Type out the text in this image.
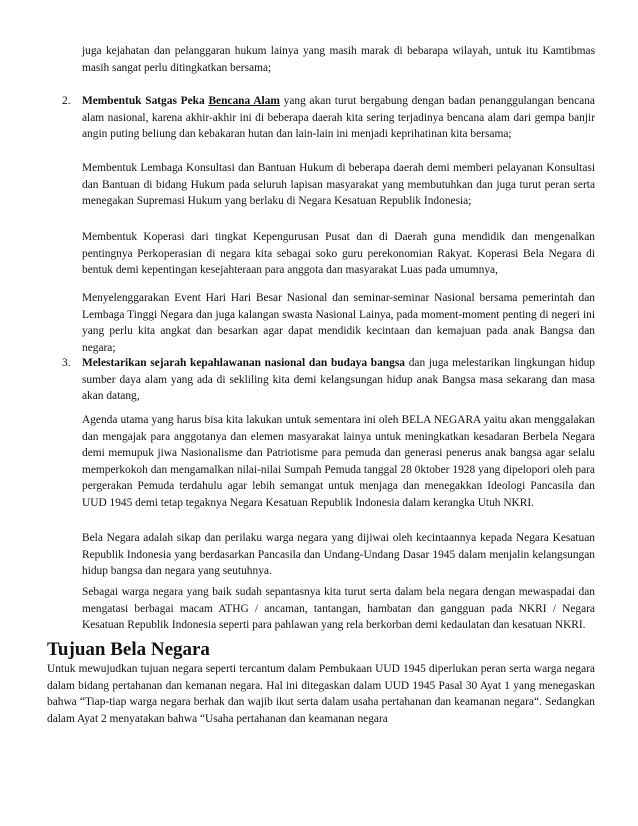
juga kejahatan dan pelanggaran hukum lainya yang masih marak di bebarapa wilayah, untuk itu Kamtibmas masih sangat perlu ditingkatkan bersama;

2. Membentuk Satgas Peka Bencana Alam yang akan turut bergabung dengan badan penanggulangan bencana alam nasional, karena akhir-akhir ini di beberapa daerah kita sering terjadinya bencana alam dari gempa banjir angin puting beliung dan kebakaran hutan dan lain-lain ini menjadi keprihatinan kita bersama;

Membentuk Lembaga Konsultasi dan Bantuan Hukum di beberapa daerah demi memberi pelayanan Konsultasi dan Bantuan di bidang Hukum pada seluruh lapisan masyarakat yang membutuhkan dan juga turut peran serta menegakan Supremasi Hukum yang berlaku di Negara Kesatuan Republik Indonesia;

Membentuk Koperasi dari tingkat Kepengurusan Pusat dan di Daerah guna mendidik dan mengenalkan pentingnya Perkoperasian di negara kita sebagai soko guru perekonomian Rakyat. Koperasi Bela Negara di bentuk demi kepentingan kesejahteraan para anggota dan masyarakat Luas pada umumnya,

Menyelenggarakan Event Hari Hari Besar Nasional dan seminar-seminar Nasional bersama pemerintah dan Lembaga Tinggi Negara dan juga kalangan swasta Nasional Lainya, pada moment-moment penting di negeri ini yang perlu kita angkat dan besarkan agar dapat mendidik kecintaan dan kemajuan pada anak Bangsa dan negara;

3. Melestarikan sejarah kepahlawanan nasional dan budaya bangsa dan juga melestarikan lingkungan hidup sumber daya alam yang ada di sekliling kita demi kelangsungan hidup anak Bangsa masa sekarang dan masa akan datang,

Agenda utama yang harus bisa kita lakukan untuk sementara ini oleh BELA NEGARA yaitu akan menggalakan dan mengajak para anggotanya dan elemen masyarakat lainya untuk meningkatkan kesadaran Berbela Negara demi memupuk jiwa Nasionalisme dan Patriotisme para pemuda dan generasi penerus anak bangsa agar selalu memperkokoh dan mengamalkan nilai-nilai Sumpah Pemuda tanggal 28 0ktober 1928 yang dipelopori oleh para pergerakan Pemuda terdahulu agar lebih semangat untuk menjaga dan menegakkan Ideologi Pancasila dan UUD 1945 demi tetap tegaknya Negara Kesatuan Republik Indonesia dalam kerangka Utuh NKRI.

Bela Negara adalah sikap dan perilaku warga negara yang dijiwai oleh kecintaannya kepada Negara Kesatuan Republik Indonesia yang berdasarkan Pancasila dan Undang-Undang Dasar 1945 dalam menjalin kelangsungan hidup bangsa dan negara yang seutuhnya.

Sebagai warga negara yang baik sudah sepantasnya kita turut serta dalam bela negara dengan mewaspadai dan mengatasi berbagai macam ATHG / ancaman, tantangan, hambatan dan gangguan pada NKRI / Negara Kesatuan Republik Indonesia seperti para pahlawan yang rela berkorban demi kedaulatan dan kesatuan NKRI.

Tujuan Bela Negara

Untuk mewujudkan tujuan negara seperti tercantum dalam Pembukaan UUD 1945 diperlukan peran serta warga negara dalam bidang pertahanan dan kemanan negara. Hal ini ditegaskan dalam UUD 1945 Pasal 30 Ayat 1 yang menegaskan bahwa “Tiap-tiap warga negara berhak dan wajib ikut serta dalam usaha pertahanan dan keamanan negara“. Sedangkan dalam Ayat 2 menyatakan bahwa “Usaha pertahanan dan keamanan negara
